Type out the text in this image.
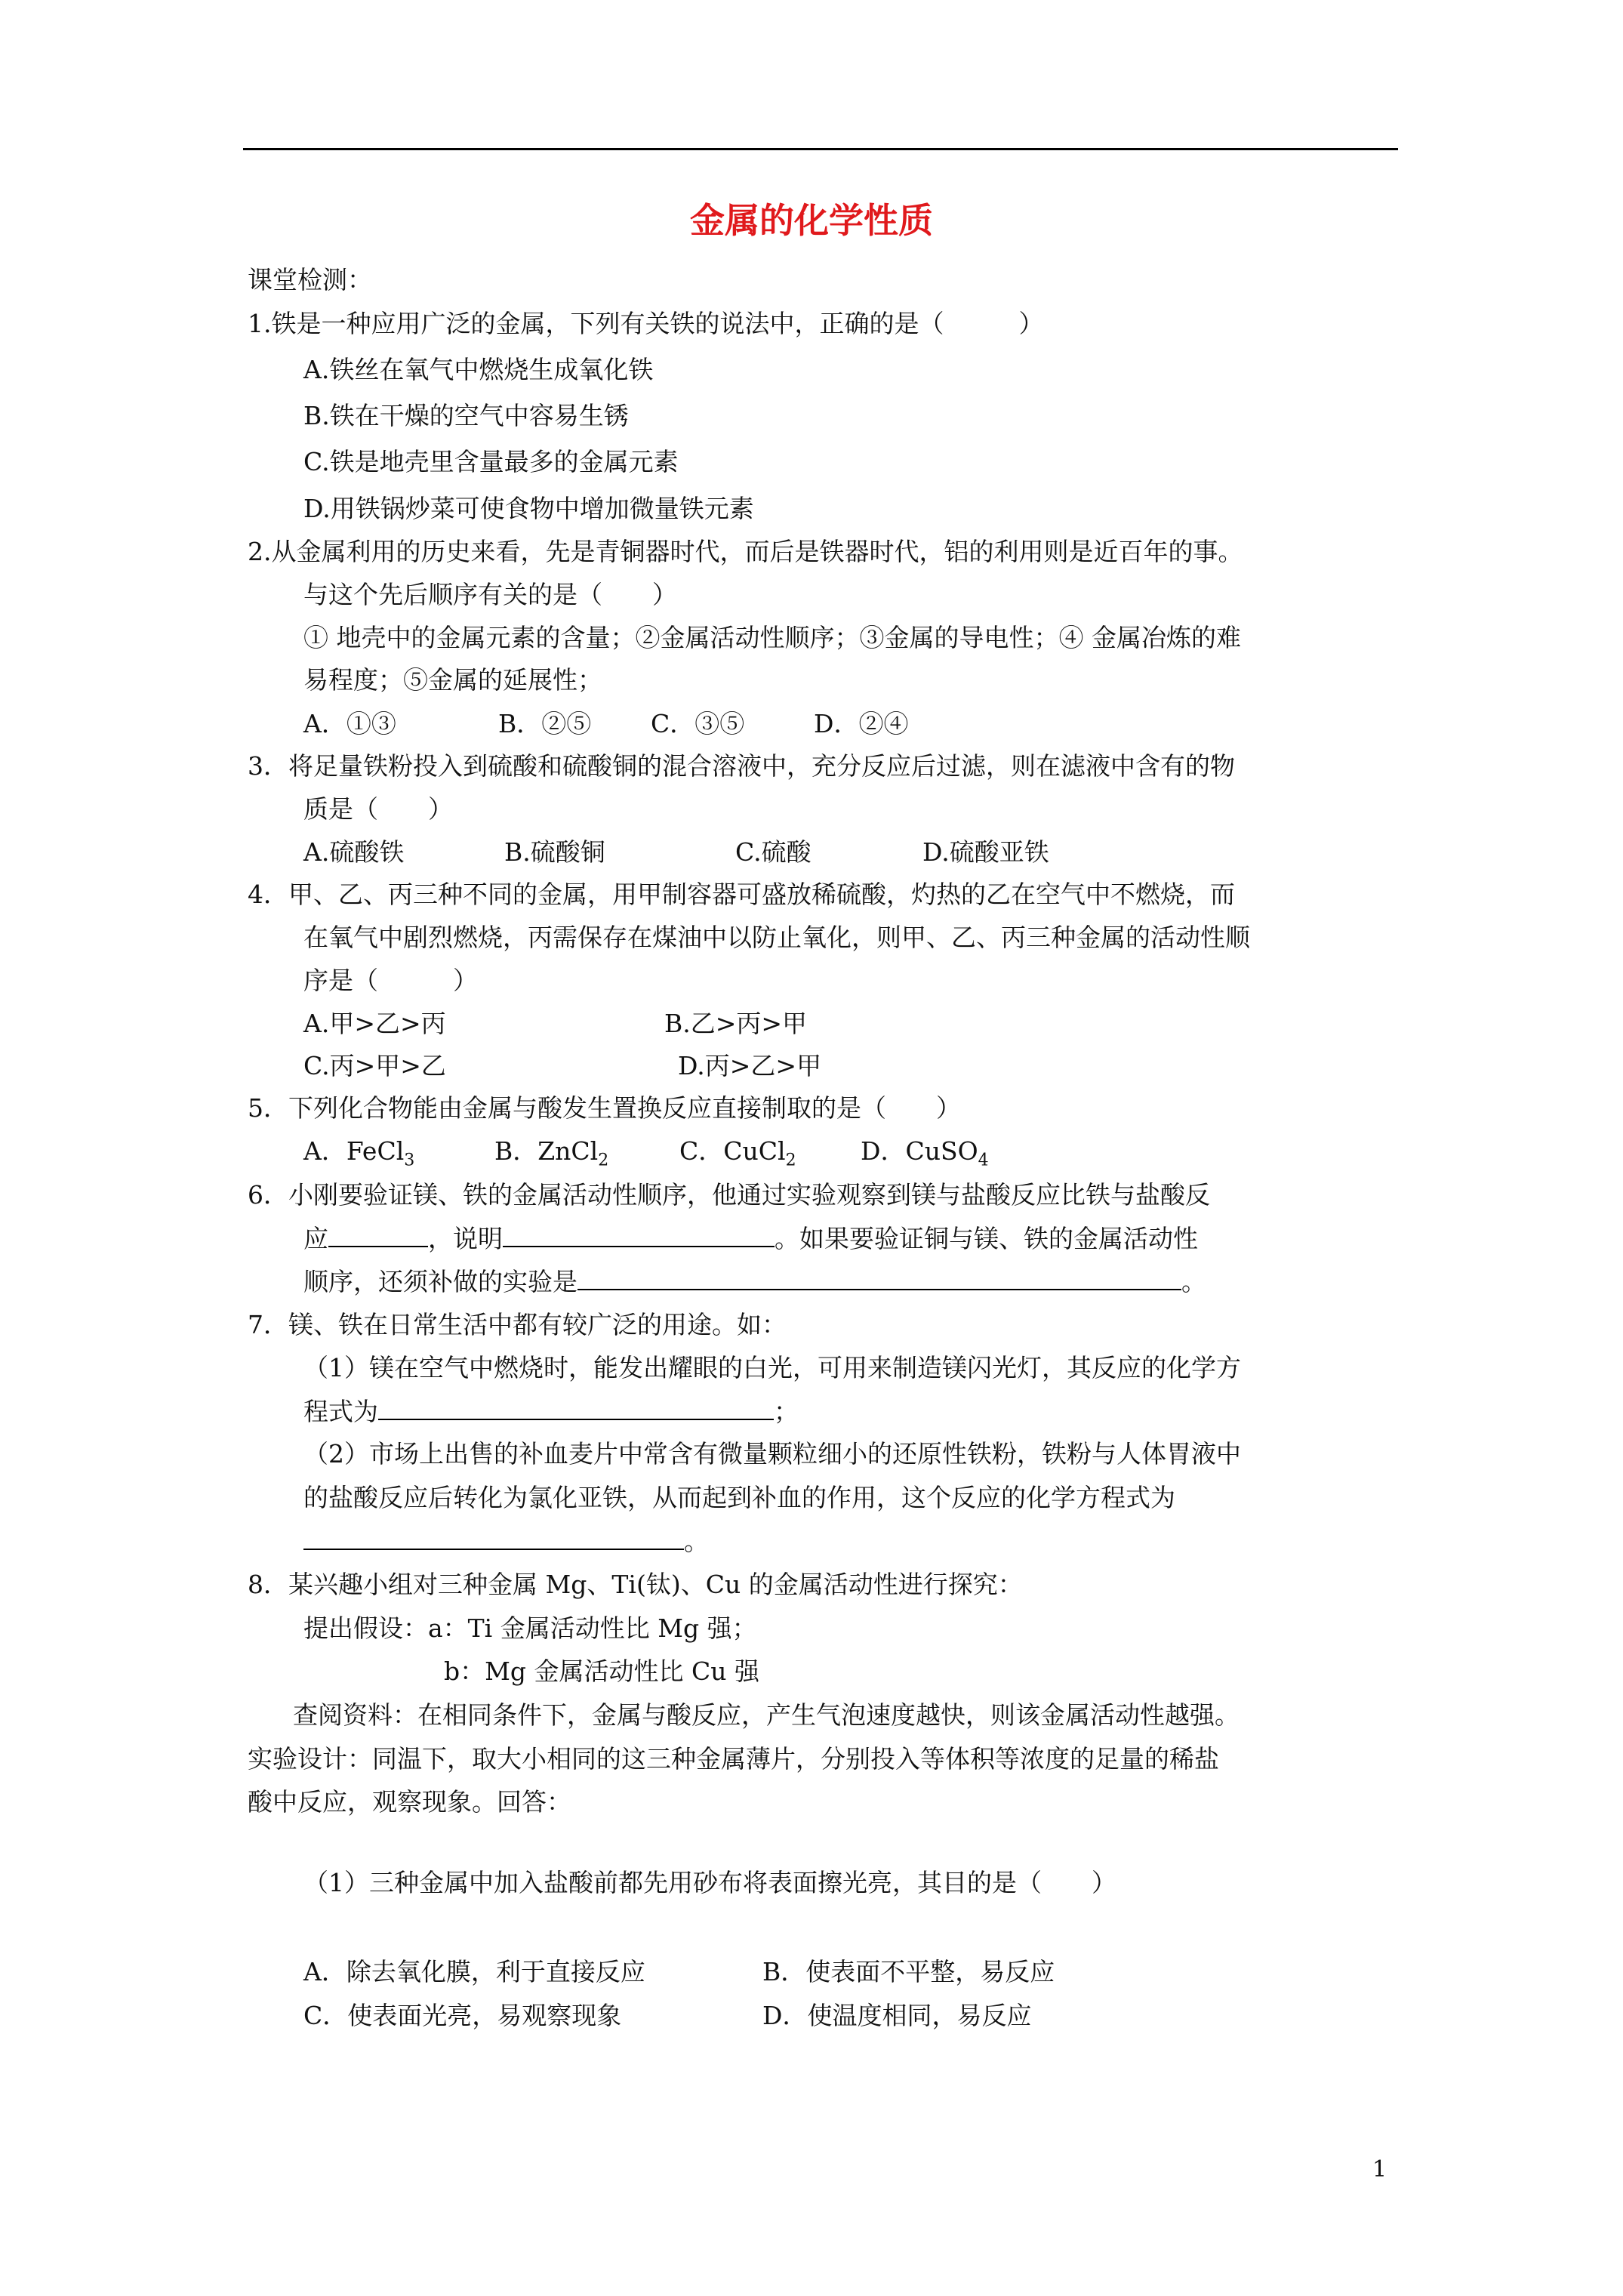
金属的化学性质
课堂检测：
1.铁是一种应用广泛的金属，下列有关铁的说法中，正确的是（　　　）
A.铁丝在氧气中燃烧生成氧化铁
B.铁在干燥的空气中容易生锈
C.铁是地壳里含量最多的金属元素
D.用铁锅炒菜可使食物中增加微量铁元素
2.从金属利用的历史来看，先是青铜器时代，而后是铁器时代，铝的利用则是近百年的事。
与这个先后顺序有关的是（　　）
① 地壳中的金属元素的含量；②金属活动性顺序；③金属的导电性；④ 金属冶炼的难
易程度；⑤金属的延展性；
A．①③	B．②⑤ C．③⑤	D．②④
3．将足量铁粉投入到硫酸和硫酸铜的混合溶液中，充分反应后过滤，则在滤液中含有的物
质是（　　）
A.硫酸铁	B.硫酸铜	C.硫酸	D.硫酸亚铁
4．甲、乙、丙三种不同的金属，用甲制容器可盛放稀硫酸，灼热的乙在空气中不燃烧，而
在氧气中剧烈燃烧，丙需保存在煤油中以防止氧化，则甲、乙、丙三种金属的活动性顺
序是（　　　）
A.甲>乙>丙	B.乙>丙>甲
C.丙>甲>乙	D.丙>乙>甲
5．下列化合物能由金属与酸发生置换反应直接制取的是（　　）
A．FeCl$_3$	B．ZnCl$_2$	C．CuCl$_2$	D．CuSO$_4$
6．小刚要验证镁、铁的金属活动性顺序，他通过实验观察到镁与盐酸反应比铁与盐酸反
应	，说明	。如果要验证铜与镁、铁的金属活动性
顺序，还须补做的实验是	。
7．镁、铁在日常生活中都有较广泛的用途。如：
（1）镁在空气中燃烧时，能发出耀眼的白光，可用来制造镁闪光灯，其反应的化学方
程式为	；
（2）市场上出售的补血麦片中常含有微量颗粒细小的还原性铁粉，铁粉与人体胃液中
的盐酸反应后转化为氯化亚铁，从而起到补血的作用，这个反应的化学方程式为
。
8．某兴趣小组对三种金属 Mg、Ti(钛)、Cu 的金属活动性进行探究：
提出假设：a：Ti 金属活动性比 Mg 强；
b：Mg 金属活动性比 Cu 强
查阅资料：在相同条件下，金属与酸反应，产生气泡速度越快，则该金属活动性越强。
实验设计：同温下，取大小相同的这三种金属薄片，分别投入等体积等浓度的足量的稀盐
酸中反应，观察现象。回答：
（1）三种金属中加入盐酸前都先用砂布将表面擦光亮，其目的是（　　）
A．除去氧化膜，利于直接反应	B．使表面不平整，易反应
C．使表面光亮，易观察现象	D．使温度相同，易反应
1
